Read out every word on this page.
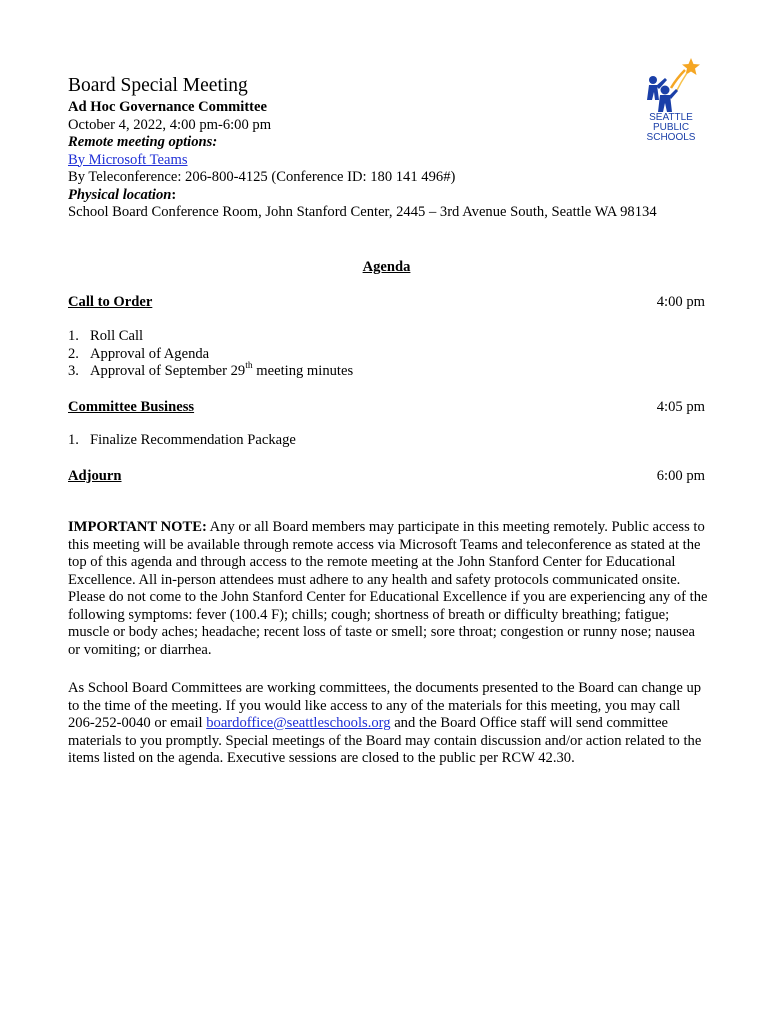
Board Special Meeting
Ad Hoc Governance Committee
October 4, 2022, 4:00 pm-6:00 pm
Remote meeting options:
By Microsoft Teams
By Teleconference: 206-800-4125 (Conference ID: 180 141 496#)
Physical location:
School Board Conference Room, John Stanford Center, 2445 – 3rd Avenue South, Seattle WA 98134
SEATTLE
PUBLIC
SCHOOLS
Agenda
Call to Order	4:00 pm
1. Roll Call
2. Approval of Agenda
3. Approval of September 29th meeting minutes
Committee Business	4:05 pm
1. Finalize Recommendation Package
Adjourn	6:00 pm

IMPORTANT NOTE: Any or all Board members may participate in this meeting remotely. Public access to this meeting will be available through remote access via Microsoft Teams and teleconference as stated at the top of this agenda and through access to the remote meeting at the John Stanford Center for Educational Excellence. All in-person attendees must adhere to any health and safety protocols communicated onsite. Please do not come to the John Stanford Center for Educational Excellence if you are experiencing any of the following symptoms: fever (100.4 F); chills; cough; shortness of breath or difficulty breathing; fatigue; muscle or body aches; headache; recent loss of taste or smell; sore throat; congestion or runny nose; nausea or vomiting; or diarrhea.

As School Board Committees are working committees, the documents presented to the Board can change up to the time of the meeting. If you would like access to any of the materials for this meeting, you may call 206-252-0040 or email boardoffice@seattleschools.org and the Board Office staff will send committee materials to you promptly. Special meetings of the Board may contain discussion and/or action related to the items listed on the agenda. Executive sessions are closed to the public per RCW 42.30.
